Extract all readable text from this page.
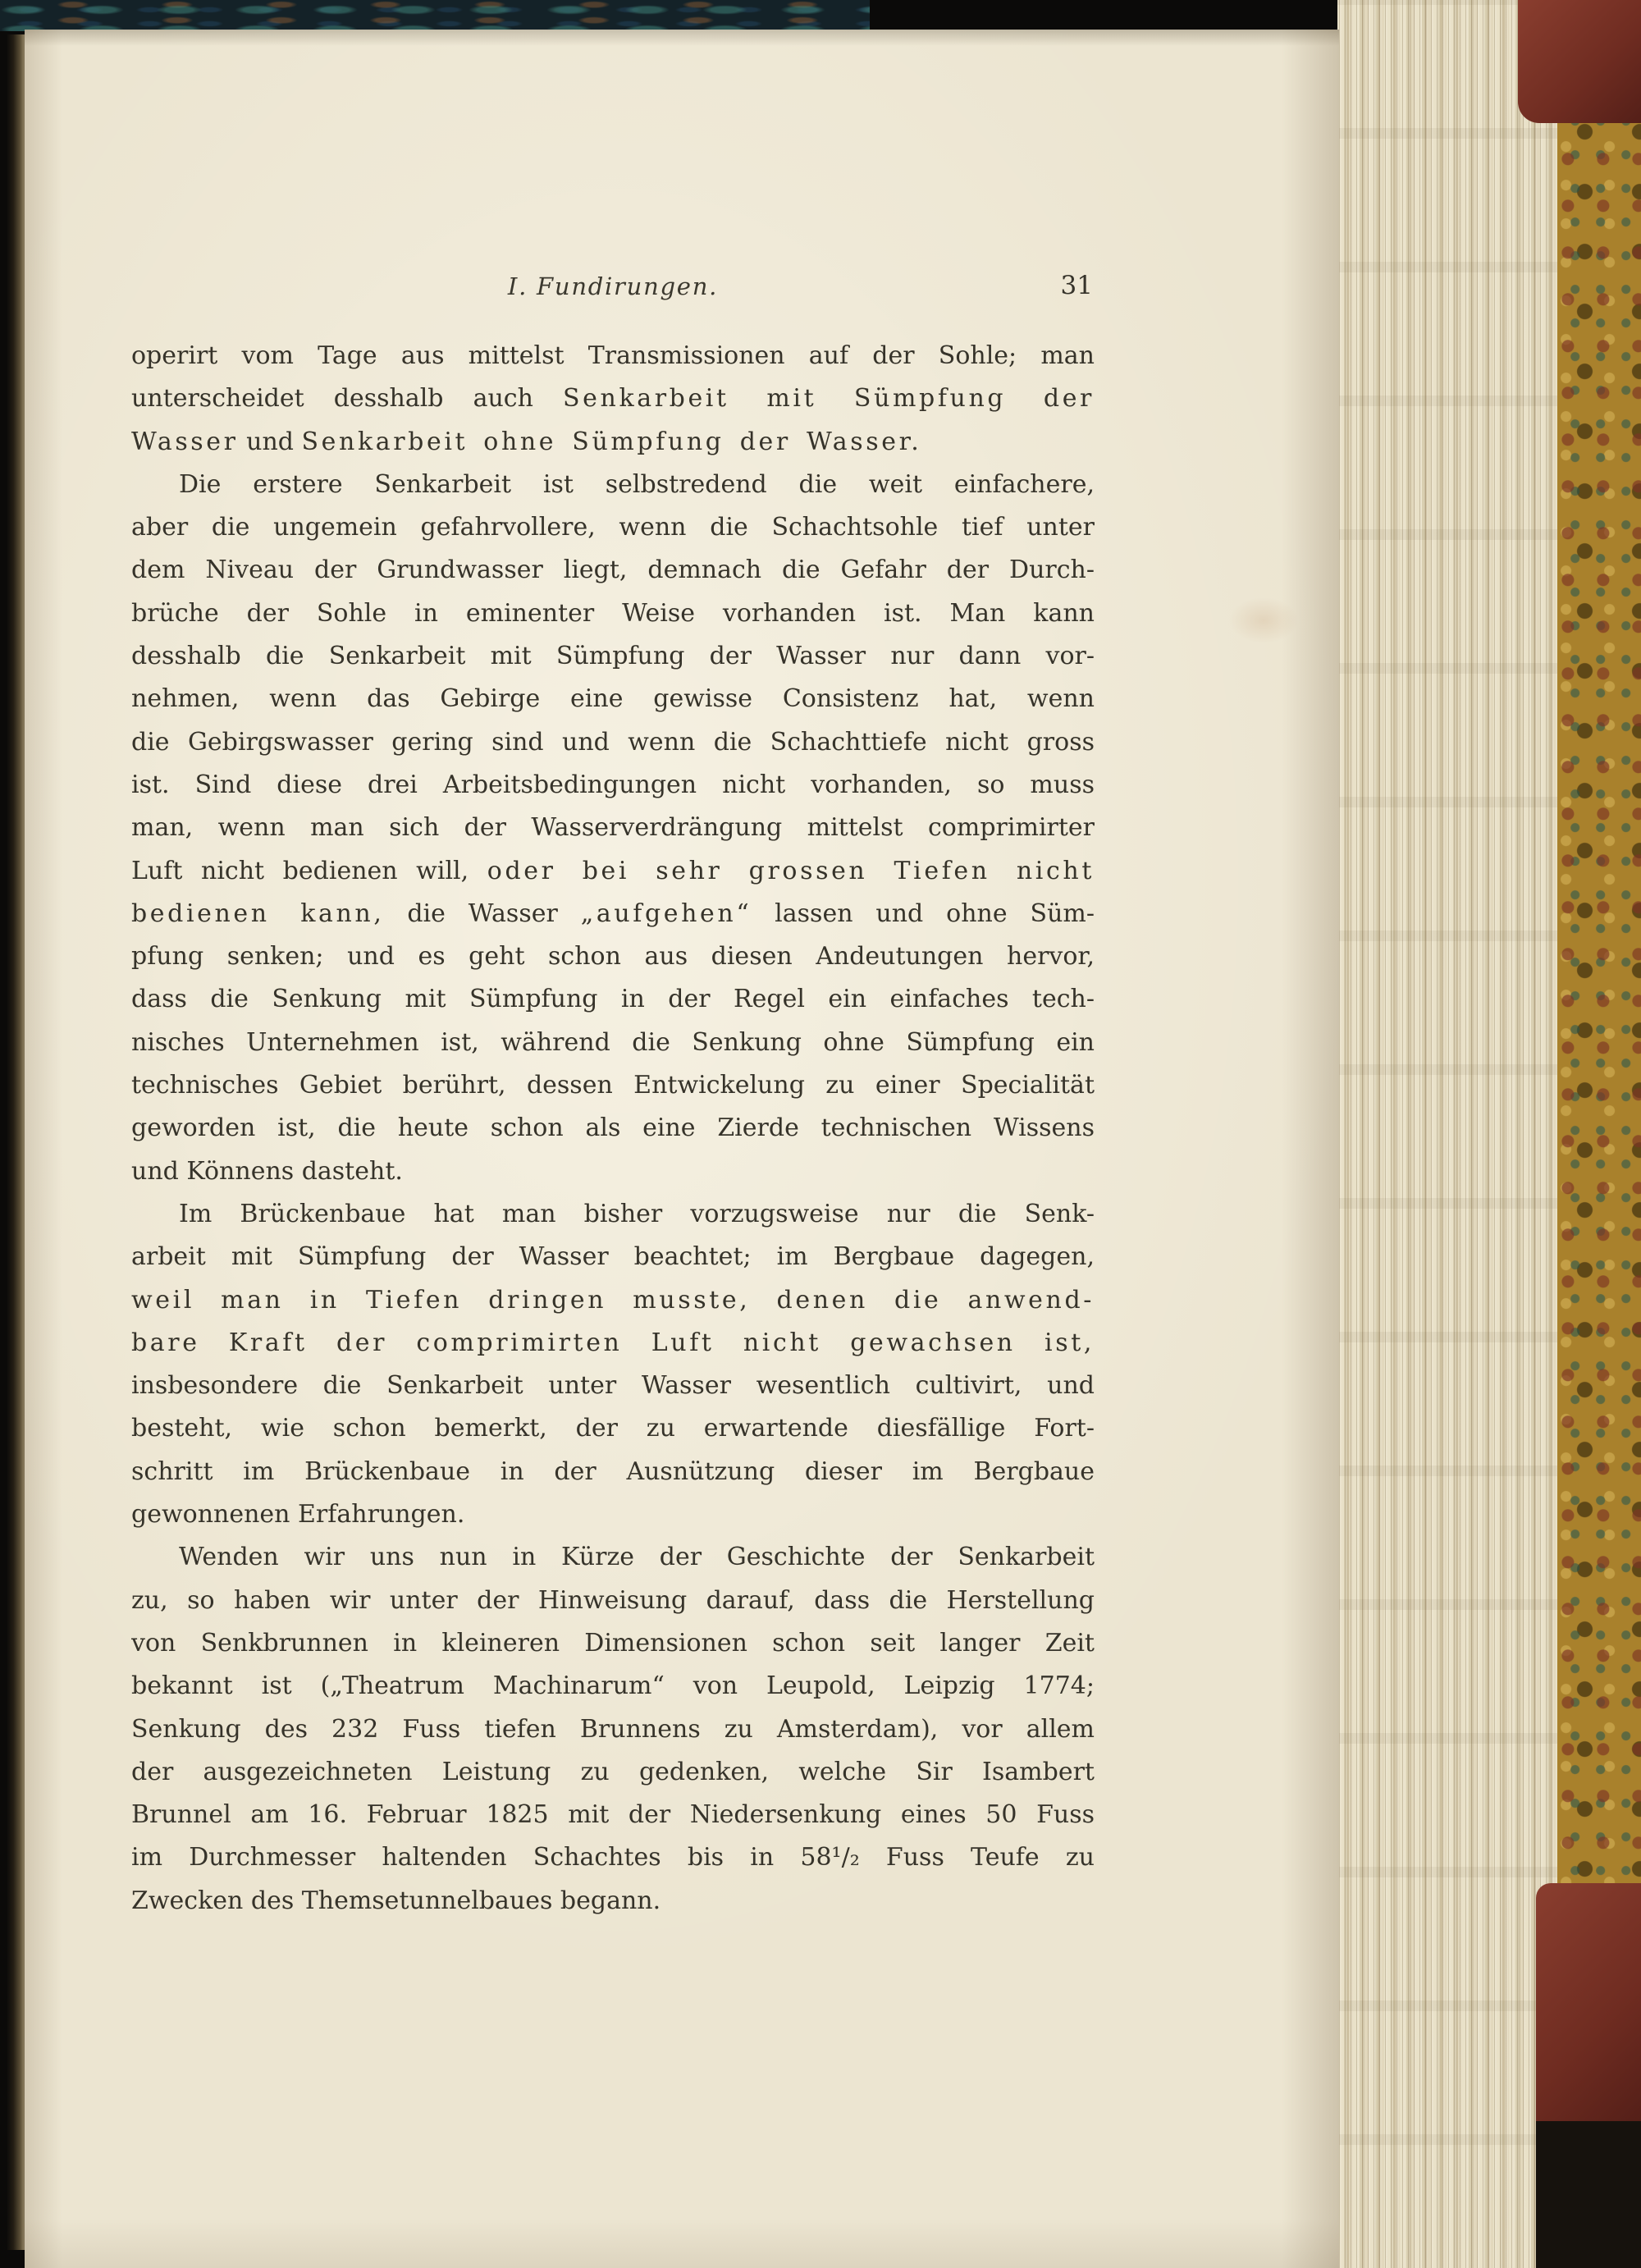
I. Fundirungen.	31
operirt vom Tage aus mittelst Transmissionen auf der Sohle; man
unterscheidet desshalb auch Senkarbeit mit Sümpfung der
Wasser und Senkarbeit ohne Sümpfung der Wasser.
Die erstere Senkarbeit ist selbstredend die weit einfachere,
aber die ungemein gefahrvollere, wenn die Schachtsohle tief unter
dem Niveau der Grundwasser liegt, demnach die Gefahr der Durch-
brüche der Sohle in eminenter Weise vorhanden ist. Man kann
desshalb die Senkarbeit mit Sümpfung der Wasser nur dann vor-
nehmen, wenn das Gebirge eine gewisse Consistenz hat, wenn
die Gebirgswasser gering sind und wenn die Schachttiefe nicht gross
ist. Sind diese drei Arbeitsbedingungen nicht vorhanden, so muss
man, wenn man sich der Wasserverdrängung mittelst comprimirter
Luft nicht bedienen will, oder bei sehr grossen Tiefen nicht
bedienen kann, die Wasser „aufgehen“ lassen und ohne Süm-
pfung senken; und es geht schon aus diesen Andeutungen hervor,
dass die Senkung mit Sümpfung in der Regel ein einfaches tech-
nisches Unternehmen ist, während die Senkung ohne Sümpfung ein
technisches Gebiet berührt, dessen Entwickelung zu einer Specialität
geworden ist, die heute schon als eine Zierde technischen Wissens
und Könnens dasteht.
Im Brückenbaue hat man bisher vorzugsweise nur die Senk-
arbeit mit Sümpfung der Wasser beachtet; im Bergbaue dagegen,
weil man in Tiefen dringen musste, denen die anwend-
bare Kraft der comprimirten Luft nicht gewachsen ist,
insbesondere die Senkarbeit unter Wasser wesentlich cultivirt, und
besteht, wie schon bemerkt, der zu erwartende diesfällige Fort-
schritt im Brückenbaue in der Ausnützung dieser im Bergbaue
gewonnenen Erfahrungen.
Wenden wir uns nun in Kürze der Geschichte der Senkarbeit
zu, so haben wir unter der Hinweisung darauf, dass die Herstellung
von Senkbrunnen in kleineren Dimensionen schon seit langer Zeit
bekannt ist („Theatrum Machinarum“ von Leupold, Leipzig 1774;
Senkung des 232 Fuss tiefen Brunnens zu Amsterdam), vor allem
der ausgezeichneten Leistung zu gedenken, welche Sir Isambert
Brunnel am 16. Februar 1825 mit der Niedersenkung eines 50 Fuss
im Durchmesser haltenden Schachtes bis in 58¹/₂ Fuss Teufe zu
Zwecken des Themsetunnelbaues begann.
